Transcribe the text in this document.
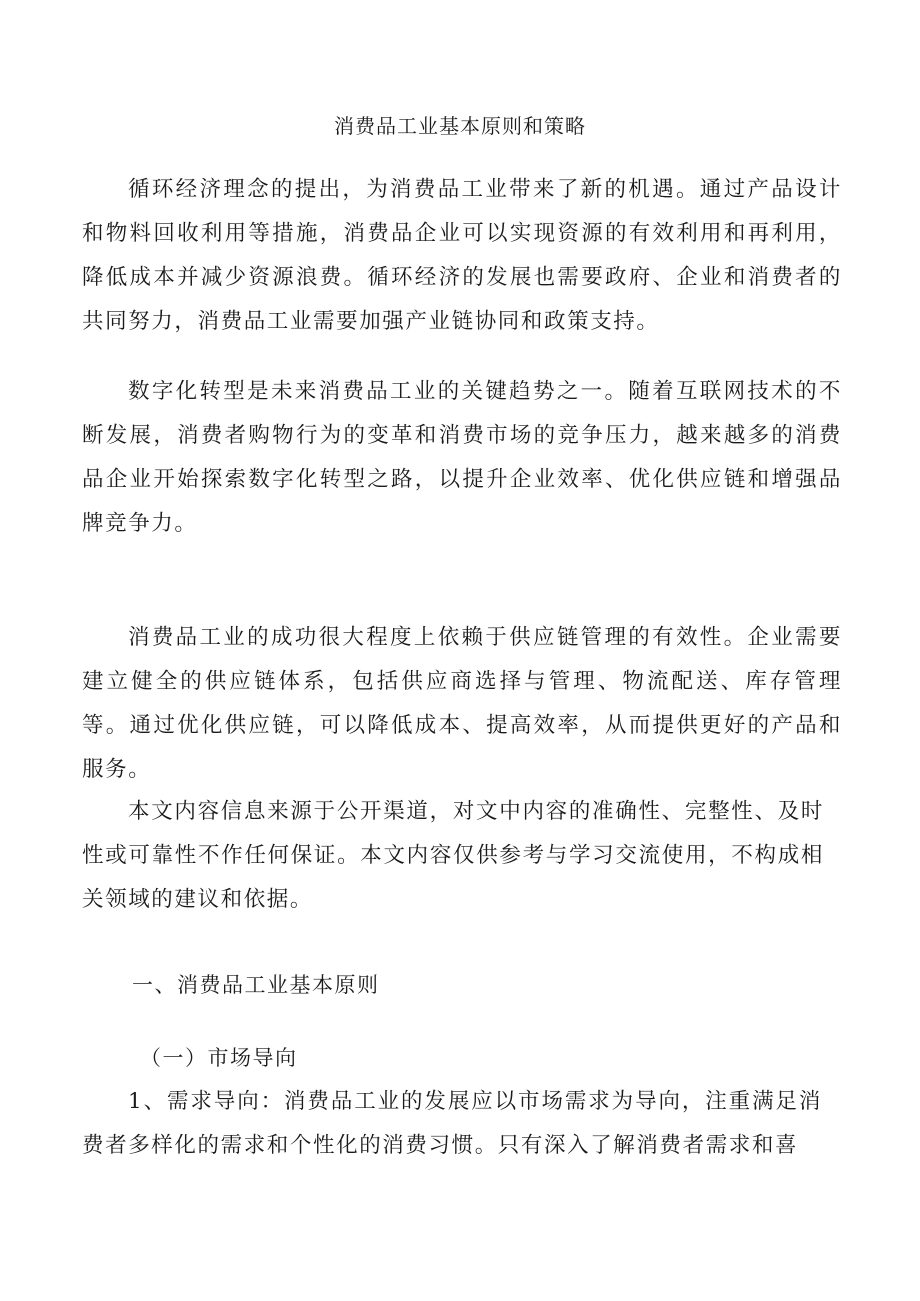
消费品工业基本原则和策略

循环经济理念的提出，为消费品工业带来了新的机遇。通过产品设计和物料回收利用等措施，消费品企业可以实现资源的有效利用和再利用，降低成本并减少资源浪费。循环经济的发展也需要政府、企业和消费者的共同努力，消费品工业需要加强产业链协同和政策支持。

数字化转型是未来消费品工业的关键趋势之一。随着互联网技术的不断发展，消费者购物行为的变革和消费市场的竞争压力，越来越多的消费品企业开始探索数字化转型之路，以提升企业效率、优化供应链和增强品牌竞争力。

消费品工业的成功很大程度上依赖于供应链管理的有效性。企业需要建立健全的供应链体系，包括供应商选择与管理、物流配送、库存管理等。通过优化供应链，可以降低成本、提高效率，从而提供更好的产品和服务。

本文内容信息来源于公开渠道，对文中内容的准确性、完整性、及时性或可靠性不作任何保证。本文内容仅供参考与学习交流使用，不构成相关领域的建议和依据。

一、消费品工业基本原则
（一）市场导向

1、需求导向：消费品工业的发展应以市场需求为导向，注重满足消费者多样化的需求和个性化的消费习惯。只有深入了解消费者需求和喜
